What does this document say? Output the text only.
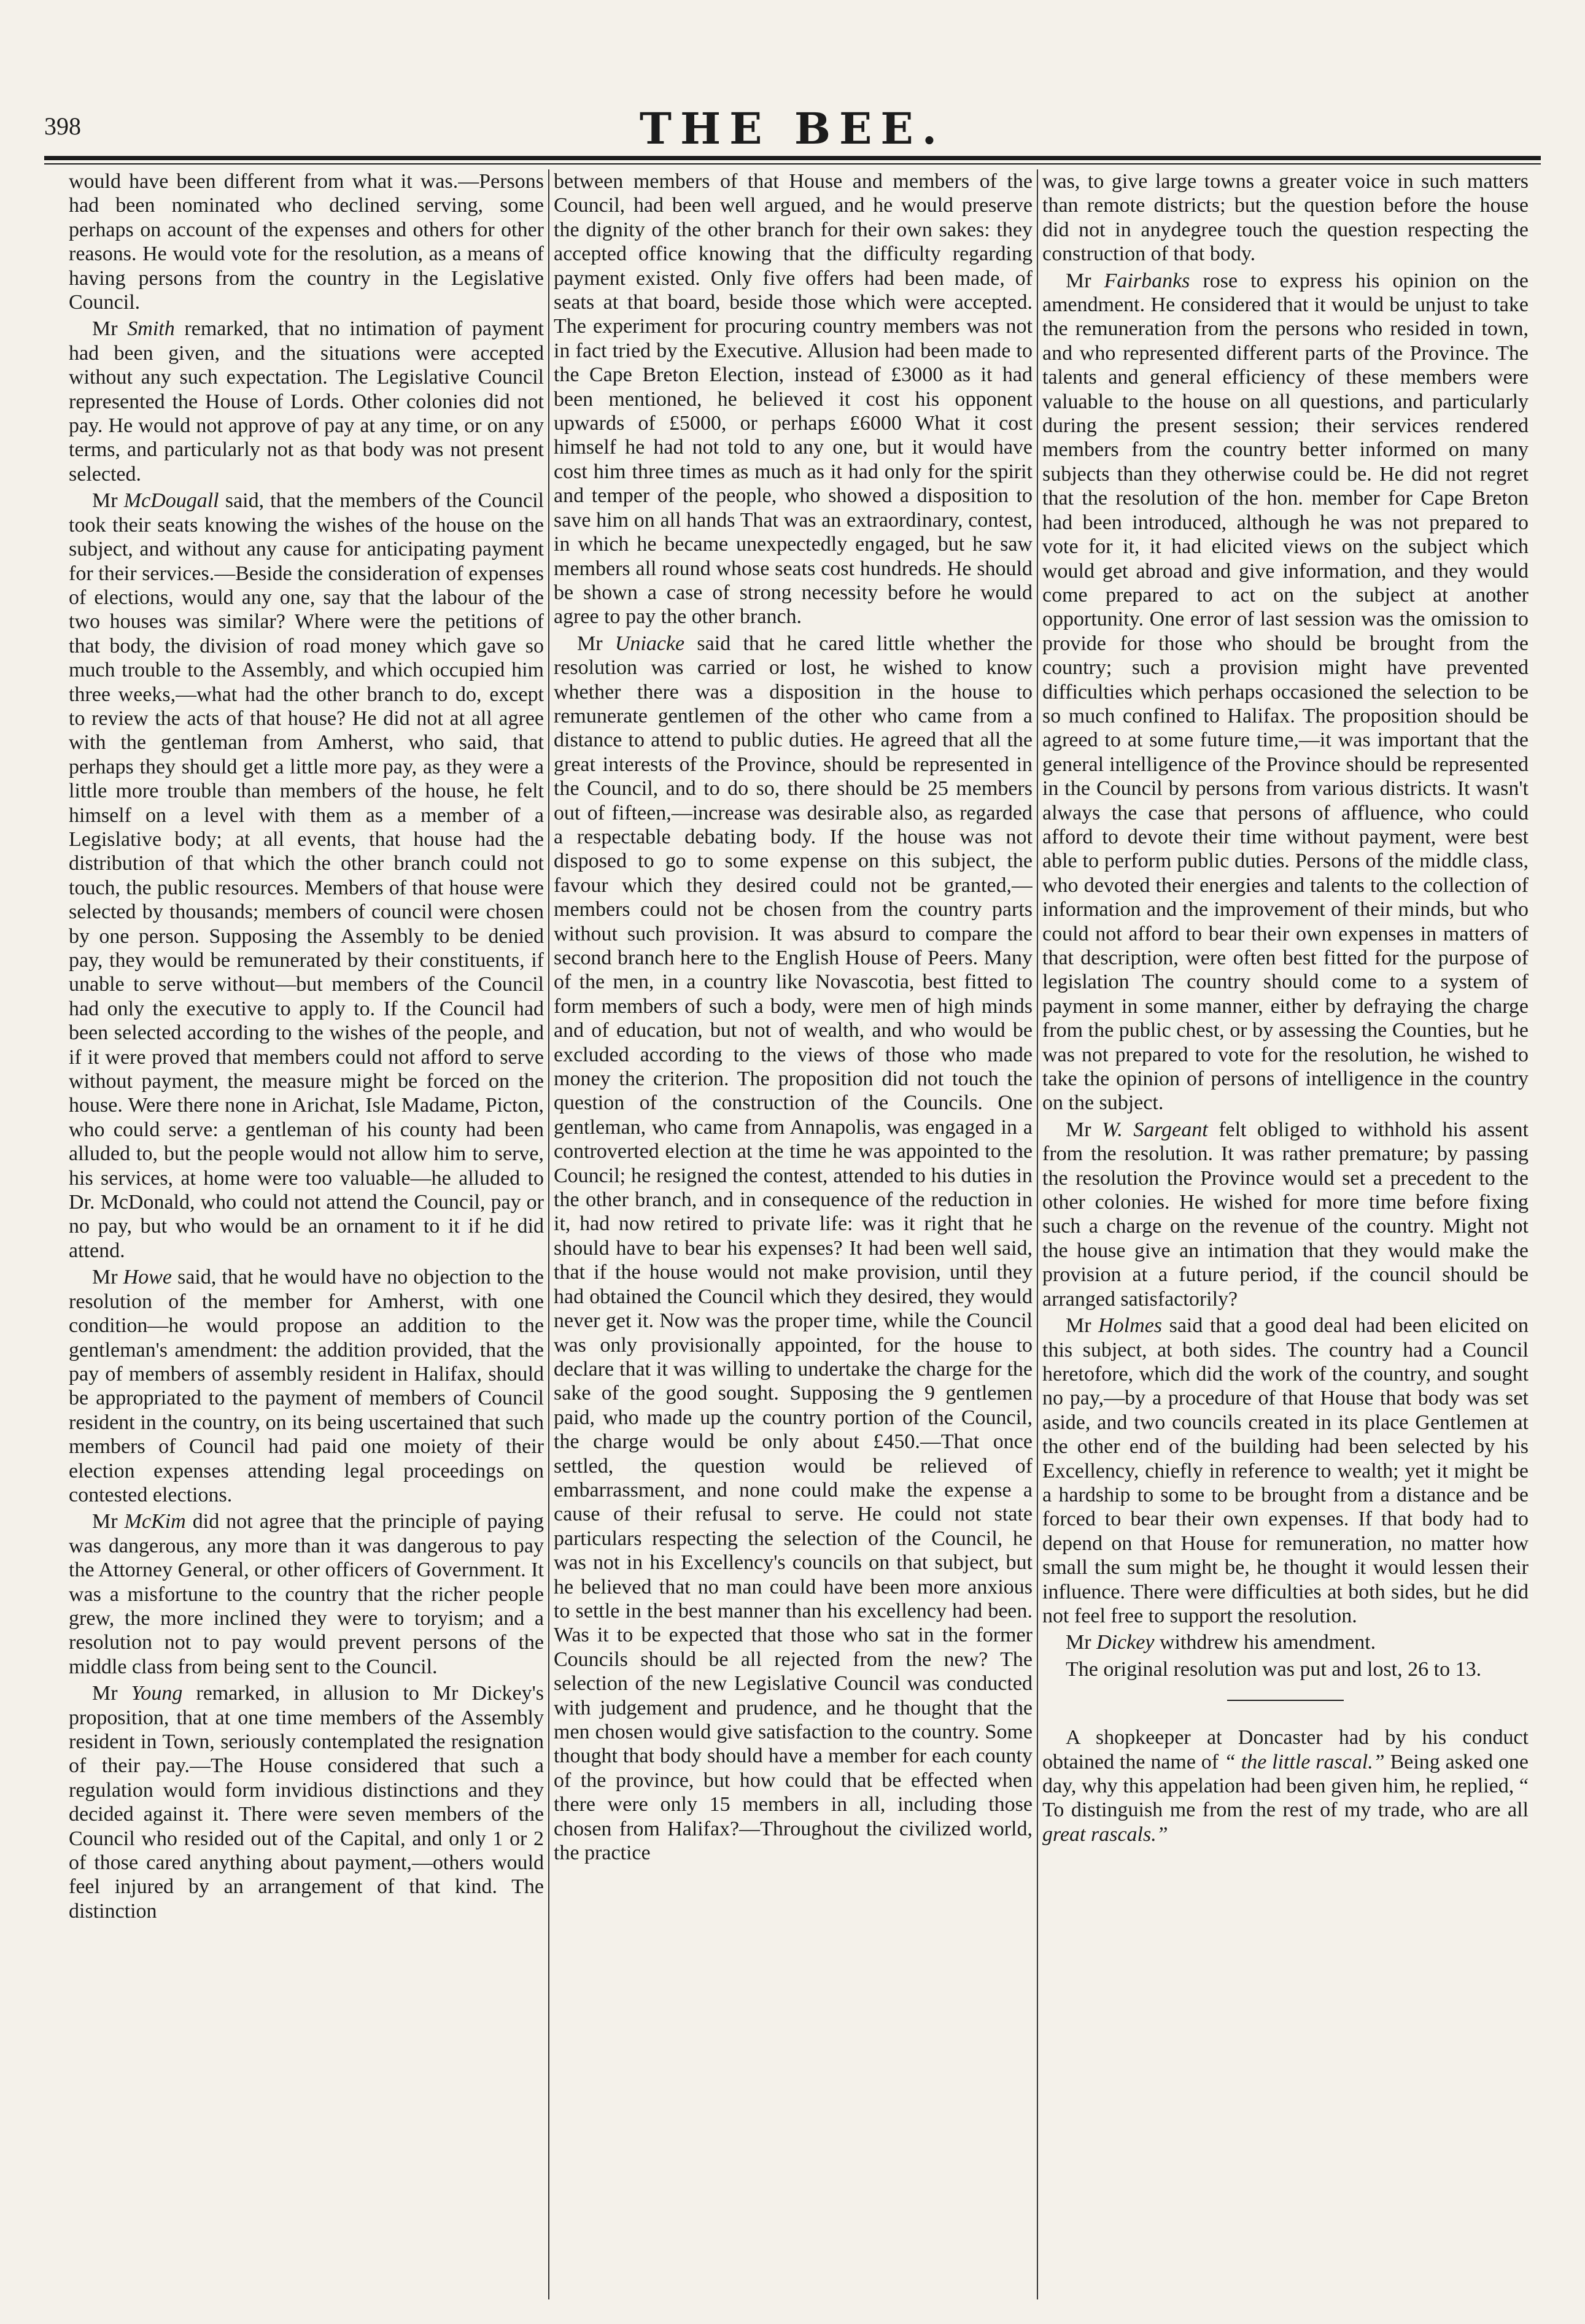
398	THE BEE.

would have been different from what it was.—Persons had been nominated who declined serving, some perhaps on account of the expenses and others for other reasons. He would vote for the resolution, as a means of having persons from the country in the Legislative Council.

Mr Smith remarked, that no intimation of payment had been given, and the situations were accepted without any such expectation. The Legislative Council represented the House of Lords. Other colonies did not pay. He would not approve of pay at any time, or on any terms, and particularly not as that body was not present selected.

Mr McDougall said, that the members of the Council took their seats knowing the wishes of the house on the subject, and without any cause for anticipating payment for their services.—Beside the consideration of expenses of elections, would any one, say that the labour of the two houses was similar? Where were the petitions of that body, the division of road money which gave so much trouble to the Assembly, and which occupied him three weeks,—what had the other branch to do, except to review the acts of that house? He did not at all agree with the gentleman from Amherst, who said, that perhaps they should get a little more pay, as they were a little more trouble than members of the house, he felt himself on a level with them as a member of a Legislative body; at all events, that house had the distribution of that which the other branch could not touch, the public resources. Members of that house were selected by thousands; members of council were chosen by one person. Supposing the Assembly to be denied pay, they would be remunerated by their constituents, if unable to serve without—but members of the Council had only the executive to apply to. If the Council had been selected according to the wishes of the people, and if it were proved that members could not afford to serve without payment, the measure might be forced on the house. Were there none in Arichat, Isle Madame, Picton, who could serve: a gentleman of his county had been alluded to, but the people would not allow him to serve, his services, at home were too valuable—he alluded to Dr. McDonald, who could not attend the Council, pay or no pay, but who would be an ornament to it if he did attend.

Mr Howe said, that he would have no objection to the resolution of the member for Amherst, with one condition—he would propose an addition to the gentleman's amendment: the addition provided, that the pay of members of assembly resident in Halifax, should be appropriated to the payment of members of Council resident in the country, on its being uscertained that such members of Council had paid one moiety of their election expenses attending legal proceedings on contested elections.

Mr McKim did not agree that the principle of paying was dangerous, any more than it was dangerous to pay the Attorney General, or other officers of Government. It was a misfortune to the country that the richer people grew, the more inclined they were to toryism; and a resolution not to pay would prevent persons of the middle class from being sent to the Council.

Mr Young remarked, in allusion to Mr Dickey's proposition, that at one time members of the Assembly resident in Town, seriously contemplated the resignation of their pay.—The House considered that such a regulation would form invidious distinctions and they decided against it. There were seven members of the Council who resided out of the Capital, and only 1 or 2 of those cared anything about payment,—others would feel injured by an arrangement of that kind. The distinction

between members of that House and members of the Council, had been well argued, and he would preserve the dignity of the other branch for their own sakes: they accepted office knowing that the difficulty regarding payment existed. Only five offers had been made, of seats at that board, beside those which were accepted. The experiment for procuring country members was not in fact tried by the Executive. Allusion had been made to the Cape Breton Election, instead of £3000 as it had been mentioned, he believed it cost his opponent upwards of £5000, or perhaps £6000 What it cost himself he had not told to any one, but it would have cost him three times as much as it had only for the spirit and temper of the people, who showed a disposition to save him on all hands That was an extraordinary, contest, in which he became unexpectedly engaged, but he saw members all round whose seats cost hundreds. He should be shown a case of strong necessity before he would agree to pay the other branch.

Mr Uniacke said that he cared little whether the resolution was carried or lost, he wished to know whether there was a disposition in the house to remunerate gentlemen of the other who came from a distance to attend to public duties. He agreed that all the great interests of the Province, should be represented in the Council, and to do so, there should be 25 members out of fifteen,—increase was desirable also, as regarded a respectable debating body. If the house was not disposed to go to some expense on this subject, the favour which they desired could not be granted,—members could not be chosen from the country parts without such provision. It was absurd to compare the second branch here to the English House of Peers. Many of the men, in a country like Novascotia, best fitted to form members of such a body, were men of high minds and of education, but not of wealth, and who would be excluded according to the views of those who made money the criterion. The proposition did not touch the question of the construction of the Councils. One gentleman, who came from Annapolis, was engaged in a controverted election at the time he was appointed to the Council; he resigned the contest, attended to his duties in the other branch, and in consequence of the reduction in it, had now retired to private life: was it right that he should have to bear his expenses? It had been well said, that if the house would not make provision, until they had obtained the Council which they desired, they would never get it. Now was the proper time, while the Council was only provisionally appointed, for the house to declare that it was willing to undertake the charge for the sake of the good sought. Supposing the 9 gentlemen paid, who made up the country portion of the Council, the charge would be only about £450.—That once settled, the question would be relieved of embarrassment, and none could make the expense a cause of their refusal to serve. He could not state particulars respecting the selection of the Council, he was not in his Excellency's councils on that subject, but he believed that no man could have been more anxious to settle in the best manner than his excellency had been. Was it to be expected that those who sat in the former Councils should be all rejected from the new? The selection of the new Legislative Council was conducted with judgement and prudence, and he thought that the men chosen would give satisfaction to the country. Some thought that body should have a member for each county of the province, but how could that be effected when there were only 15 members in all, including those chosen from Halifax?—Throughout the civilized world, the practice

was, to give large towns a greater voice in such matters than remote districts; but the question before the house did not in anydegree touch the question respecting the construction of that body.

Mr Fairbanks rose to express his opinion on the amendment. He considered that it would be unjust to take the remuneration from the persons who resided in town, and who represented different parts of the Province. The talents and general efficiency of these members were valuable to the house on all questions, and particularly during the present session; their services rendered members from the country better informed on many subjects than they otherwise could be. He did not regret that the resolution of the hon. member for Cape Breton had been introduced, although he was not prepared to vote for it, it had elicited views on the subject which would get abroad and give information, and they would come prepared to act on the subject at another opportunity. One error of last session was the omission to provide for those who should be brought from the country; such a provision might have prevented difficulties which perhaps occasioned the selection to be so much confined to Halifax. The proposition should be agreed to at some future time,—it was important that the general intelligence of the Province should be represented in the Council by persons from various districts. It wasn't always the case that persons of affluence, who could afford to devote their time without payment, were best able to perform public duties. Persons of the middle class, who devoted their energies and talents to the collection of information and the improvement of their minds, but who could not afford to bear their own expenses in matters of that description, were often best fitted for the purpose of legislation The country should come to a system of payment in some manner, either by defraying the charge from the public chest, or by assessing the Counties, but he was not prepared to vote for the resolution, he wished to take the opinion of persons of intelligence in the country on the subject.

Mr W. Sargeant felt obliged to withhold his assent from the resolution. It was rather premature; by passing the resolution the Province would set a precedent to the other colonies. He wished for more time before fixing such a charge on the revenue of the country. Might not the house give an intimation that they would make the provision at a future period, if the council should be arranged satisfactorily?

Mr Holmes said that a good deal had been elicited on this subject, at both sides. The country had a Council heretofore, which did the work of the country, and sought no pay,—by a procedure of that House that body was set aside, and two councils created in its place Gentlemen at the other end of the building had been selected by his Excellency, chiefly in reference to wealth; yet it might be a hardship to some to be brought from a distance and be forced to bear their own expenses. If that body had to depend on that House for remuneration, no matter how small the sum might be, he thought it would lessen their influence. There were difficulties at both sides, but he did not feel free to support the resolution.

Mr Dickey withdrew his amendment.

The original resolution was put and lost, 26 to 13.

A shopkeeper at Doncaster had by his conduct obtained the name of “ the little rascal.” Being asked one day, why this appelation had been given him, he replied, “ To distinguish me from the rest of my trade, who are all great rascals.”
